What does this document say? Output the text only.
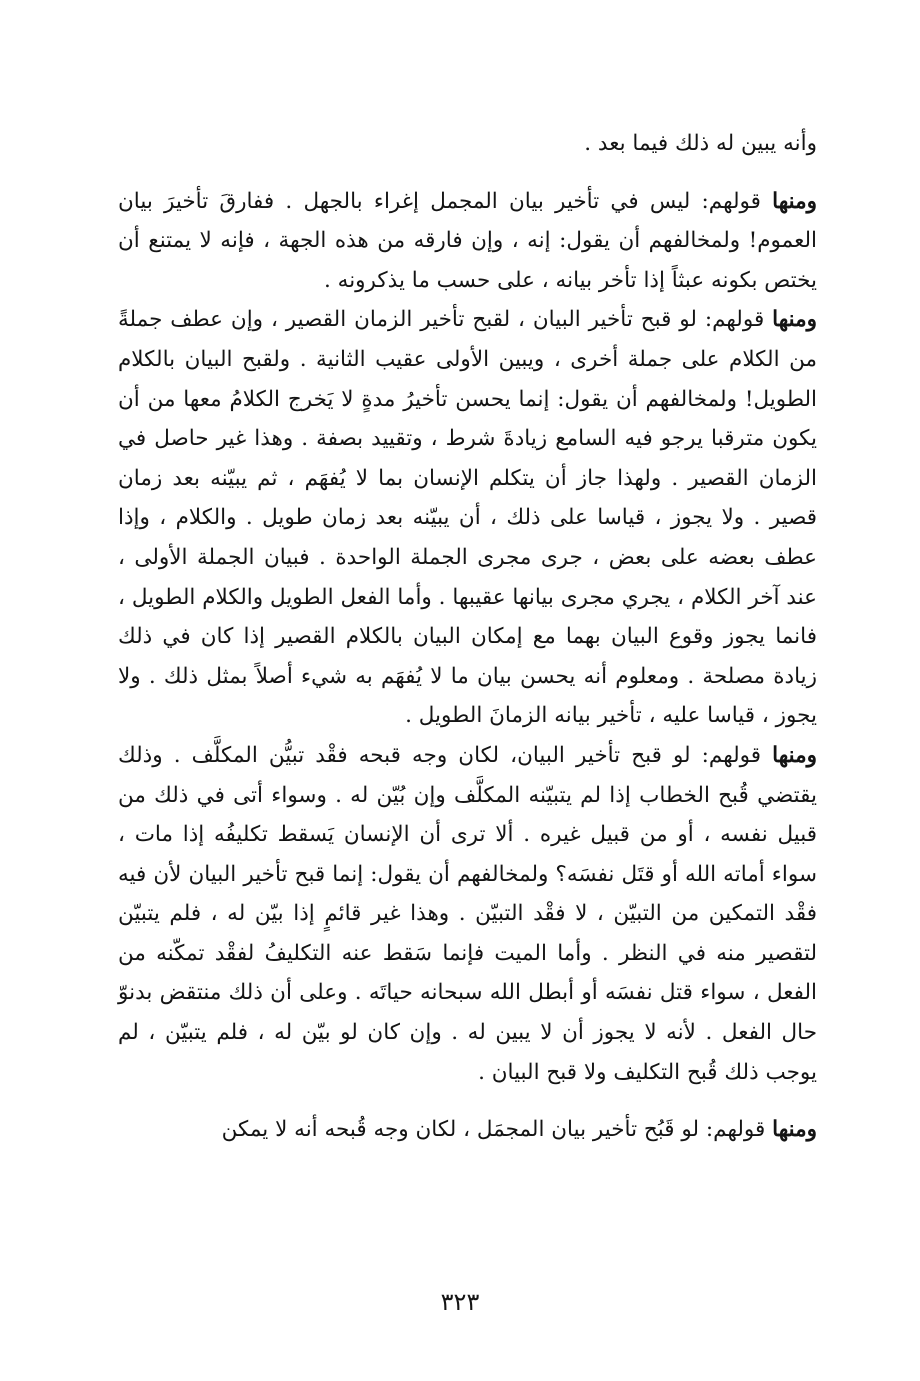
وأنه يبين له ذلك فيما بعد .

ومنها قولهم: ليس في تأخير بيان المجمل إغراء بالجهل . ففارقَ تأخيرَ بيان العموم! ولمخالفهم أن يقول: إنه ، وإن فارقه من هذه الجهة ، فإنه لا يمتنع أن يختص بكونه عبثاً إذا تأخر بيانه ، على حسب ما يذكرونه .

ومنها قولهم: لو قبح تأخير البيان ، لقبح تأخير الزمان القصير ، وإن عطف جملةً من الكلام على جملة أخرى ، ويبين الأولى عقيب الثانية . ولقبح البيان بالكلام الطويل! ولمخالفهم أن يقول: إنما يحسن تأخيرُ مدةٍ لا يَخرج الكلامُ معها من أن يكون مترقبا يرجو فيه السامع زيادةَ شرط ، وتقييد بصفة . وهذا غير حاصل في الزمان القصير . ولهذا جاز أن يتكلم الإنسان بما لا يُفهَم ، ثم يبيّنه بعد زمان قصير . ولا يجوز ، قياسا على ذلك ، أن يبيّنه بعد زمان طويل . والكلام ، وإذا عطف بعضه على بعض ، جرى مجرى الجملة الواحدة . فبيان الجملة الأولى ، عند آخر الكلام ، يجري مجرى بيانها عقيبها . وأما الفعل الطويل والكلام الطويل ، فانما يجوز وقوع البيان بهما مع إمكان البيان بالكلام القصير إذا كان في ذلك زيادة مصلحة . ومعلوم أنه يحسن بيان ما لا يُفهَم به شيء أصلاً بمثل ذلك . ولا يجوز ، قياسا عليه ، تأخير بيانه الزمانَ الطويل .

ومنها قولهم: لو قبح تأخير البيان، لكان وجه قبحه فقْد تبيُّن المكلَّف . وذلك يقتضي قُبح الخطاب إذا لم يتبيّنه المكلَّف وإن بُيّن له . وسواء أتى في ذلك من قبيل نفسه ، أو من قبيل غيره . ألا ترى أن الإنسان يَسقط تكليفُه إذا مات ، سواء أماته الله أو قتَل نفسَه؟ ولمخالفهم أن يقول: إنما قبح تأخير البيان لأن فيه فقْد التمكين من التبيّن ، لا فقْد التبيّن . وهذا غير قائمٍ إذا بيّن له ، فلم يتبيّن لتقصير منه في النظر . وأما الميت فإنما سَقط عنه التكليفُ لفقْد تمكّنه من الفعل ، سواء قتل نفسَه أو أبطل الله سبحانه حياتَه . وعلى أن ذلك منتقض بدنوّ حال الفعل . لأنه لا يجوز أن لا يبين له . وإن كان لو بيّن له ، فلم يتبيّن ، لم يوجب ذلك قُبح التكليف ولا قبح البيان .

ومنها قولهم: لو قَبُح تأخير بيان المجمَل ، لكان وجه قُبحه أنه لا يمكن

٣٢٣
